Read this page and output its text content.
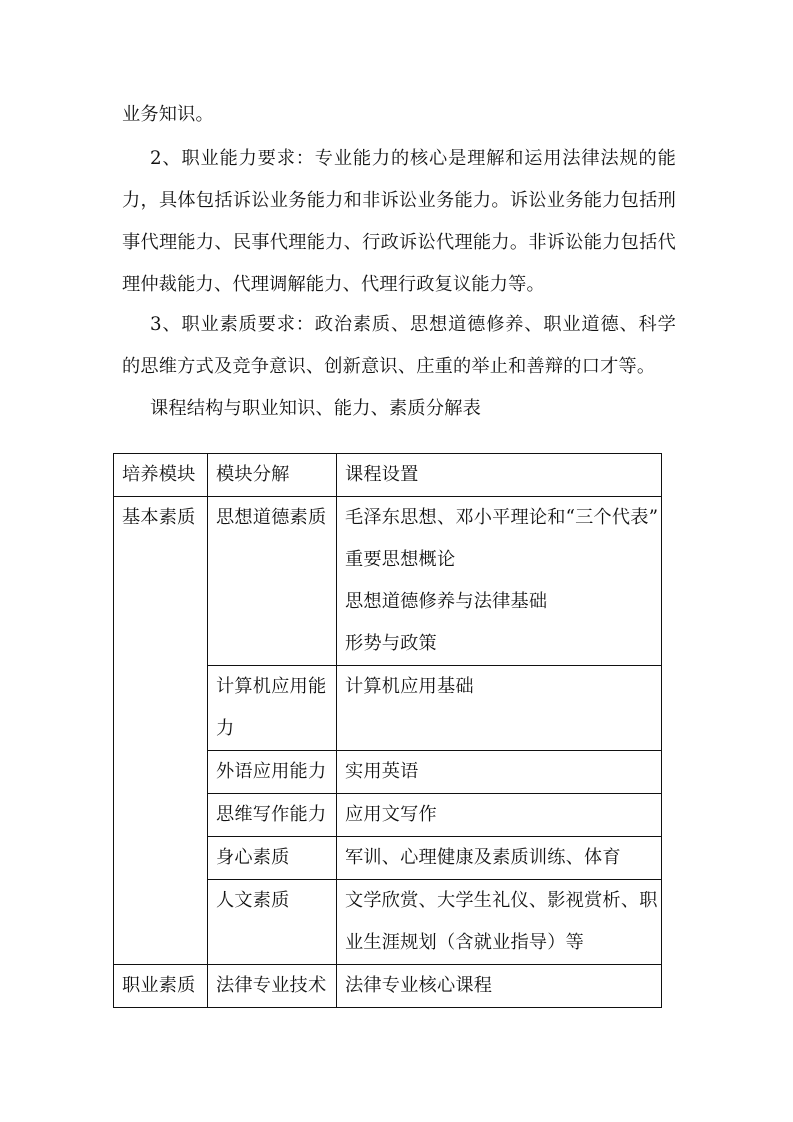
业务知识。

2、职业能力要求：专业能力的核心是理解和运用法律法规的能力，具体包括诉讼业务能力和非诉讼业务能力。诉讼业务能力包括刑事代理能力、民事代理能力、行政诉讼代理能力。非诉讼能力包括代理仲裁能力、代理调解能力、代理行政复议能力等。

3、职业素质要求：政治素质、思想道德修养、职业道德、科学的思维方式及竞争意识、创新意识、庄重的举止和善辩的口才等。

课程结构与职业知识、能力、素质分解表

培养模块	模块分解	课程设置
基本素质	思想道德素质	毛泽东思想、邓小平理论和“三个代表”
重要思想概论
思想道德修养与法律基础
形势与政策

	计算机应用能
力	计算机应用基础

	外语应用能力	实用英语

	思维写作能力	应用文写作

	身心素质	军训、心理健康及素质训练、体育

	人文素质	文学欣赏、大学生礼仪、影视赏析、职
业生涯规划（含就业指导）等

职业素质	法律专业技术	法律专业核心课程
